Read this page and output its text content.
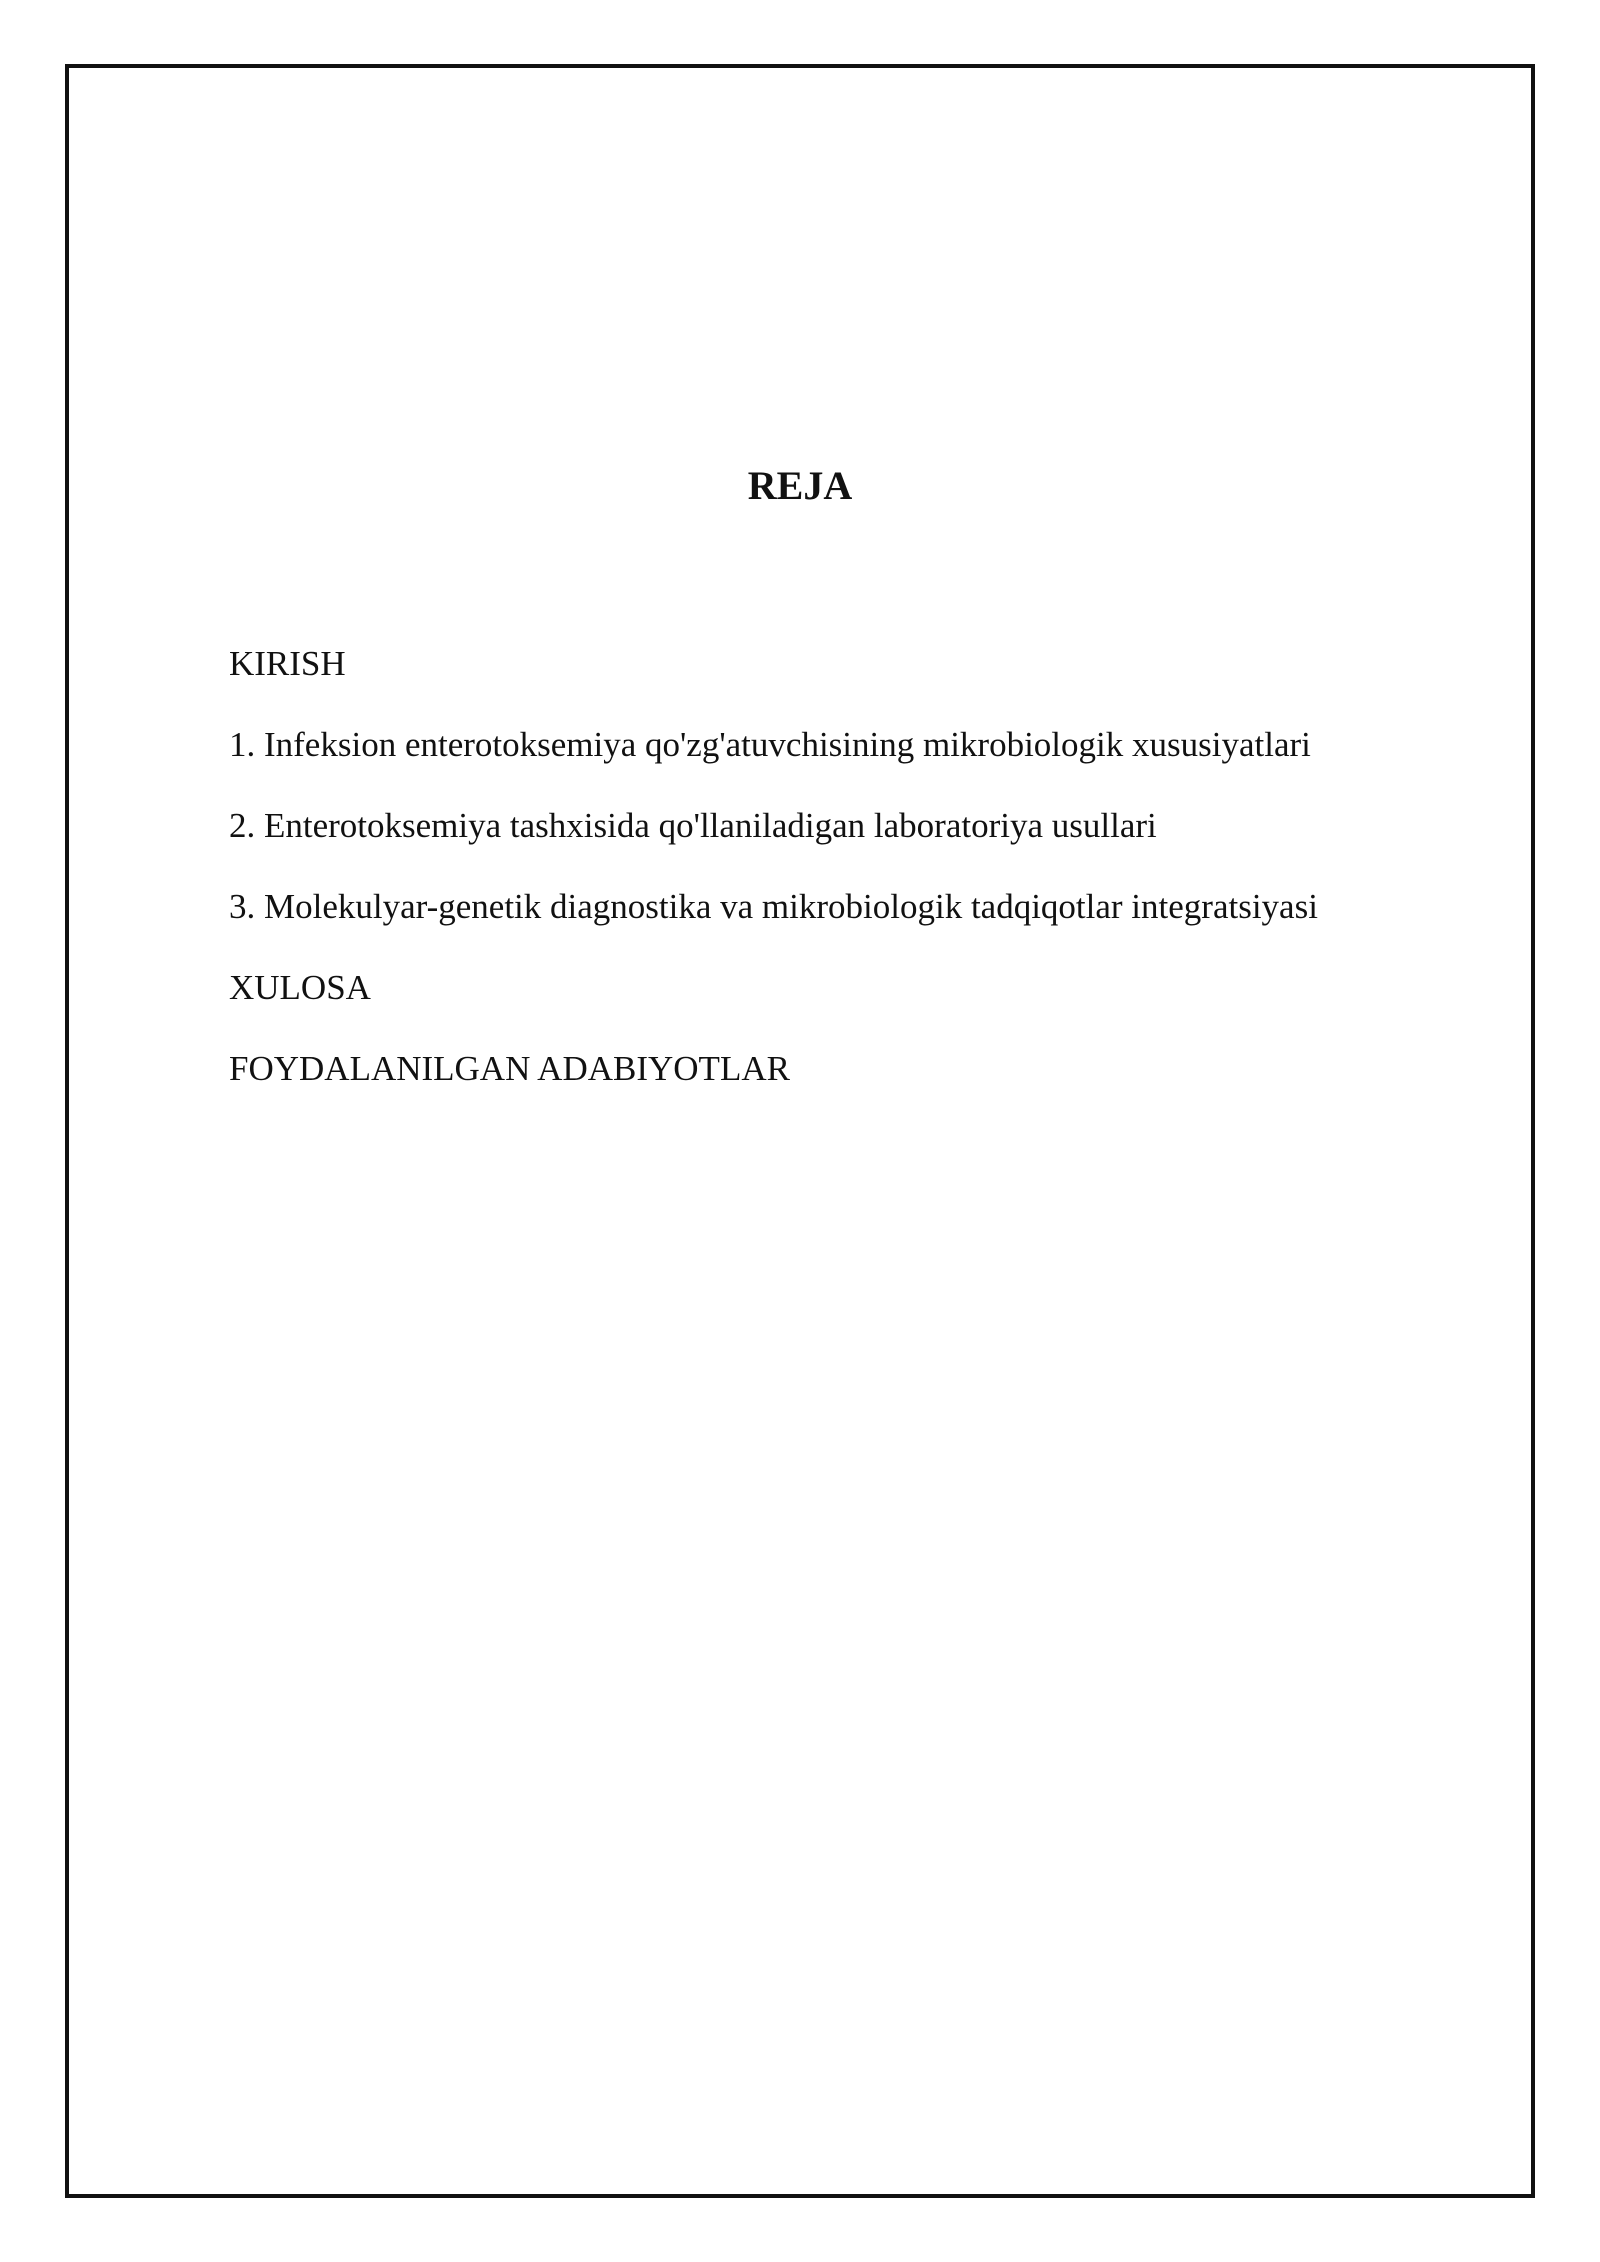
REJA
KIRISH
1. Infeksion enterotoksemiya qo'zg'atuvchisining mikrobiologik xususiyatlari
2. Enterotoksemiya tashxisida qo'llaniladigan laboratoriya usullari
3. Molekulyar-genetik diagnostika va mikrobiologik tadqiqotlar integratsiyasi
XULOSA
FOYDALANILGAN ADABIYOTLAR
